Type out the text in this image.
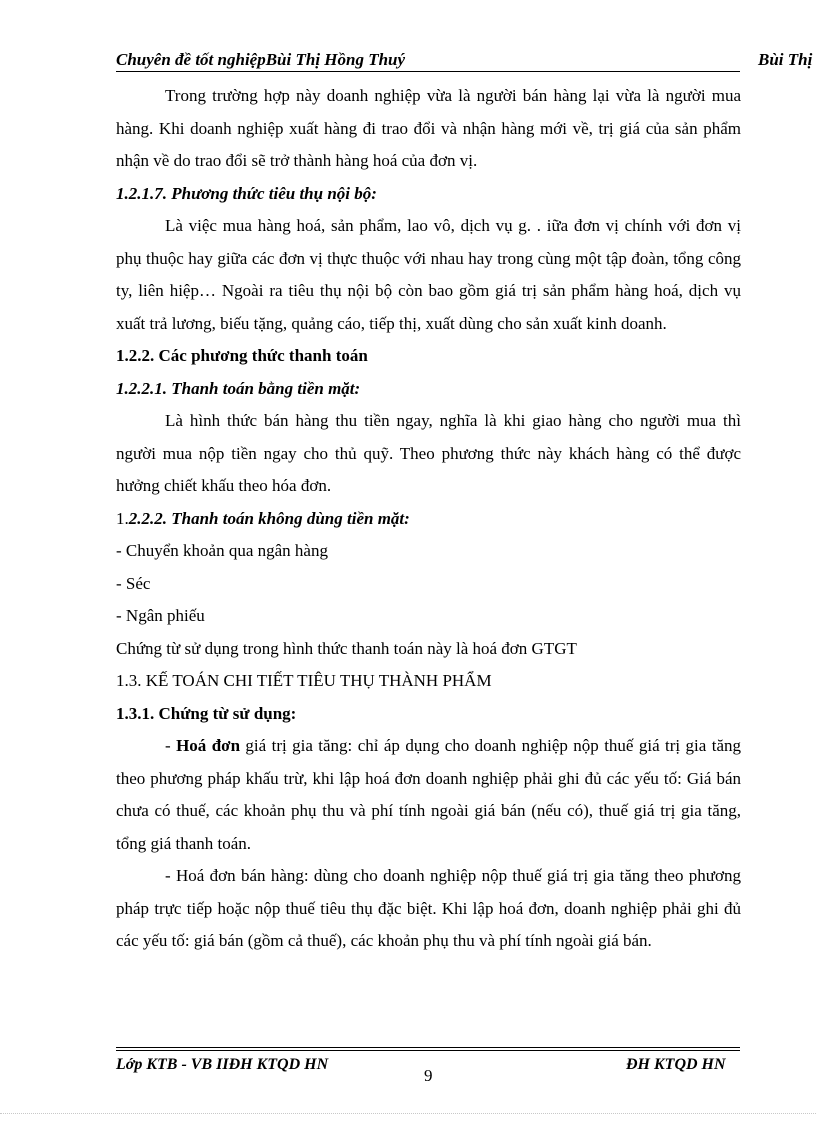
Chuyên đề tốt nghiệpBùi Thị Hồng Thuý	Bùi Thị

Trong trường hợp này doanh nghiệp vừa là người bán hàng lại vừa là người mua hàng. Khi doanh nghiệp xuất hàng đi trao đổi và nhận hàng mới về, trị giá của sản phẩm nhận về do trao đổi sẽ trở thành hàng hoá của đơn vị.

1.2.1.7. Phương thức tiêu thụ nội bộ:

Là việc mua hàng hoá, sản phẩm, lao vô, dịch vụ g. . iữa đơn vị chính với đơn vị phụ thuộc hay giữa các đơn vị thực thuộc với nhau hay trong cùng một tập đoàn, tổng công ty, liên hiệp… Ngoài ra tiêu thụ nội bộ còn bao gồm giá trị sản phẩm hàng hoá, dịch vụ xuất trả lương, biếu tặng, quảng cáo, tiếp thị, xuất dùng cho sản xuất kinh doanh.

1.2.2. Các phương thức thanh toán

1.2.2.1. Thanh toán bằng tiền mặt:

Là hình thức bán hàng thu tiền ngay, nghĩa là khi giao hàng cho người mua thì người mua nộp tiền ngay cho thủ quỹ. Theo phương thức này khách hàng có thể được hưởng chiết khấu theo hóa đơn.

1.2.2.2. Thanh toán không dùng tiền mặt:

- Chuyển khoản qua ngân hàng
- Séc
- Ngân phiếu

Chứng từ sử dụng trong hình thức thanh toán này là hoá đơn GTGT

1.3. KẾ TOÁN CHI TIẾT TIÊU THỤ THÀNH PHẨM

1.3.1. Chứng từ sử dụng:

- Hoá đơn giá trị gia tăng: chỉ áp dụng cho doanh nghiệp nộp thuế giá trị gia tăng theo phương pháp khấu trừ, khi lập hoá đơn doanh nghiệp phải ghi đủ các yếu tố: Giá bán chưa có thuế, các khoản phụ thu và phí tính ngoài giá bán (nếu có), thuế giá trị gia tăng, tổng giá thanh toán.

- Hoá đơn bán hàng: dùng cho doanh nghiệp nộp thuế giá trị gia tăng theo phương pháp trực tiếp hoặc nộp thuế tiêu thụ đặc biệt. Khi lập hoá đơn, doanh nghiệp phải ghi đủ các yếu tố: giá bán (gồm cả thuế), các khoản phụ thu và phí tính ngoài giá bán.

Lớp KTB - VB IIĐH KTQD HN
9
ĐH KTQD HN
